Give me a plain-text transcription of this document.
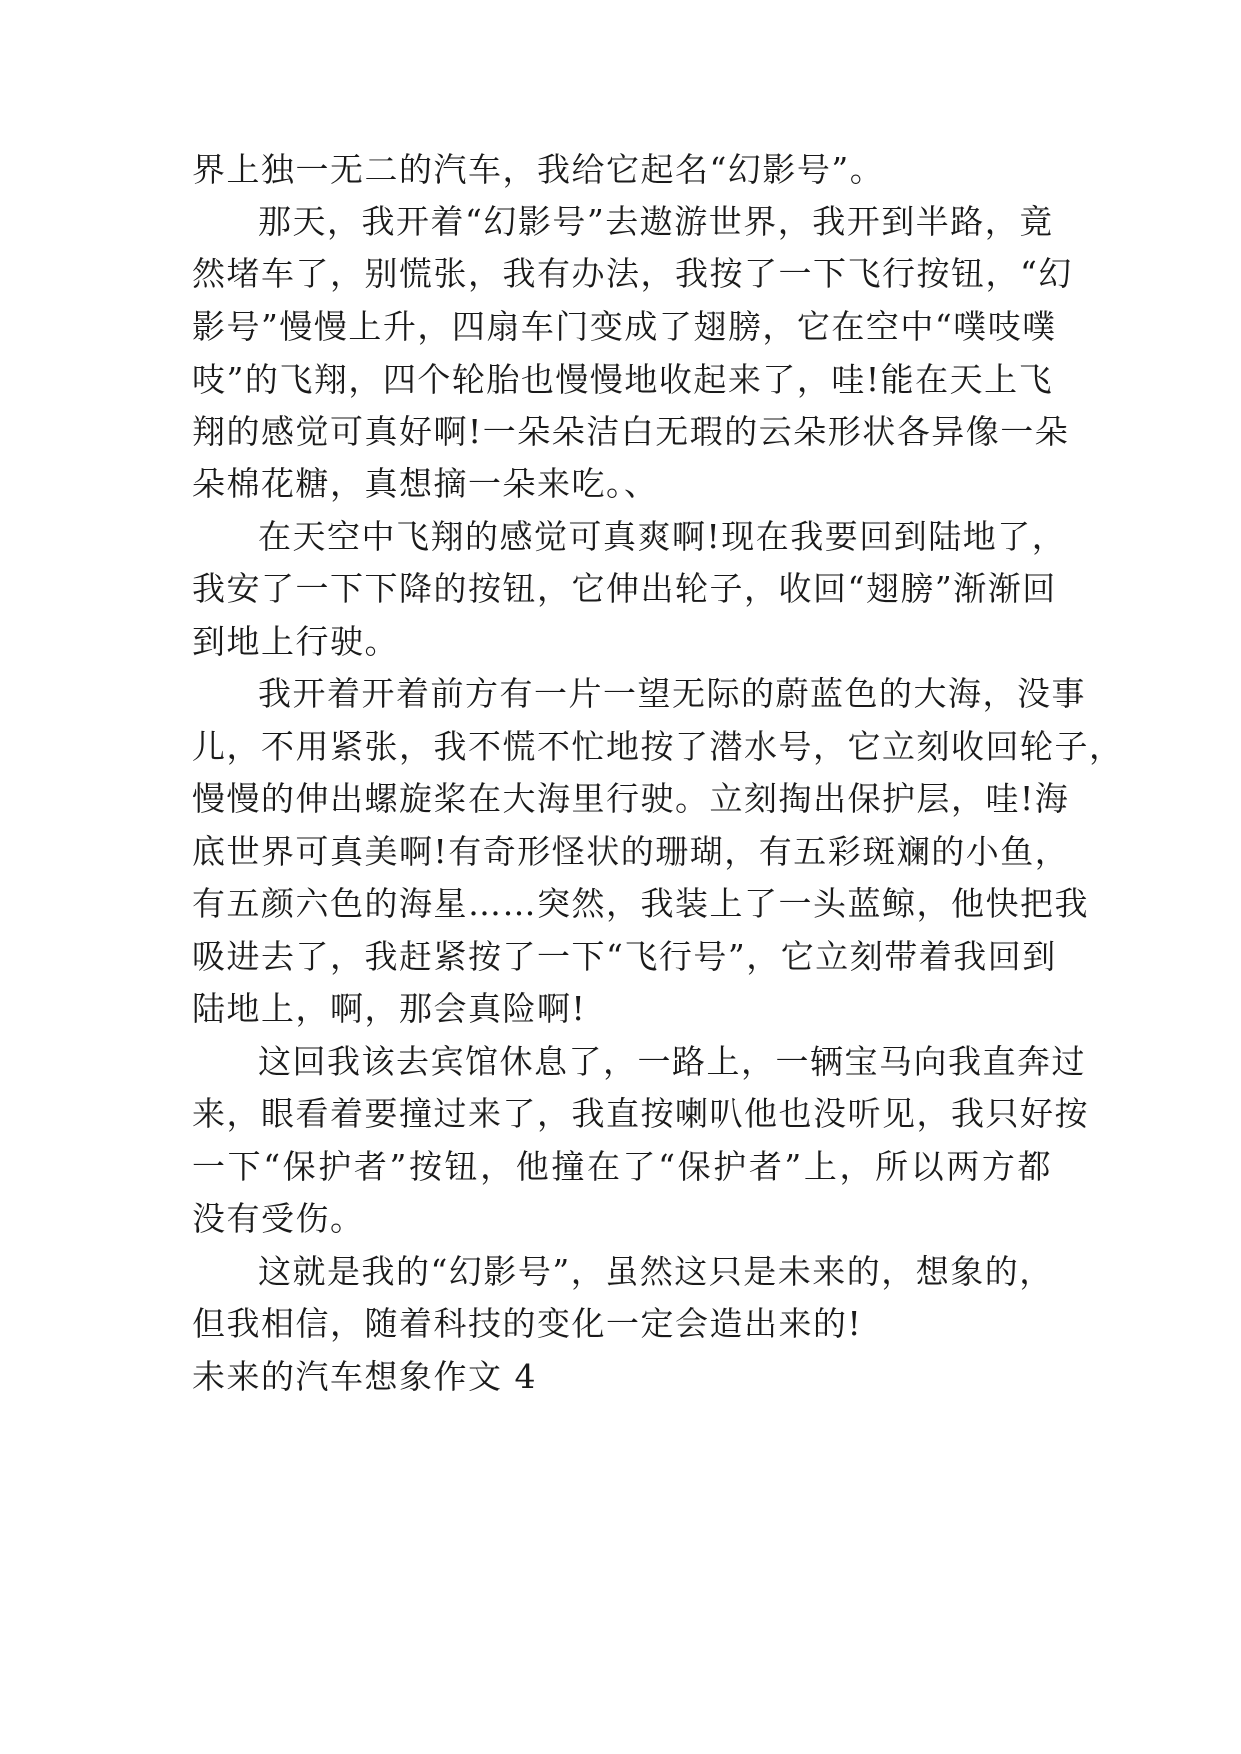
界上独一无二的汽车，我给它起名“幻影号”。
那天，我开着“幻影号”去遨游世界，我开到半路，竟
然堵车了，别慌张，我有办法，我按了一下飞行按钮，“幻
影号”慢慢上升，四扇车门变成了翅膀，它在空中“噗吱噗
吱”的飞翔，四个轮胎也慢慢地收起来了，哇!能在天上飞
翔的感觉可真好啊!一朵朵洁白无瑕的云朵形状各异像一朵
朵棉花糖，真想摘一朵来吃。、
在天空中飞翔的感觉可真爽啊!现在我要回到陆地了，
我安了一下下降的按钮，它伸出轮子，收回“翅膀”渐渐回
到地上行驶。
我开着开着前方有一片一望无际的蔚蓝色的大海，没事
儿，不用紧张，我不慌不忙地按了潜水号，它立刻收回轮子，
慢慢的伸出螺旋桨在大海里行驶。立刻掏出保护层，哇!海
底世界可真美啊!有奇形怪状的珊瑚，有五彩斑斓的小鱼，
有五颜六色的海星……突然，我装上了一头蓝鲸，他快把我
吸进去了，我赶紧按了一下“飞行号”，它立刻带着我回到
陆地上，啊，那会真险啊!
这回我该去宾馆休息了，一路上，一辆宝马向我直奔过
来，眼看着要撞过来了，我直按喇叭他也没听见，我只好按
一下“保护者”按钮，他撞在了“保护者”上，所以两方都
没有受伤。
这就是我的“幻影号”，虽然这只是未来的，想象的，
但我相信，随着科技的变化一定会造出来的!
未来的汽车想象作文 4
